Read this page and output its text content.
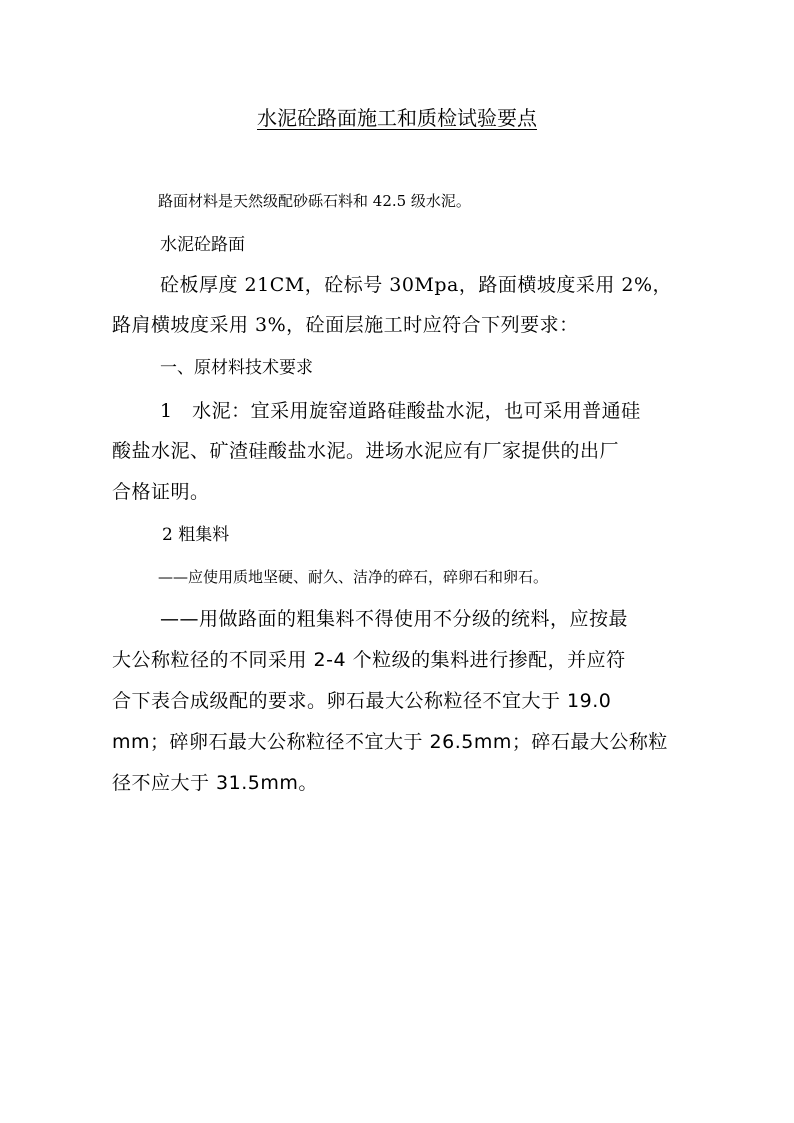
水泥砼路面施工和质检试验要点

路面材料是天然级配砂砾石料和 42.5 级水泥。

水泥砼路面

砼板厚度 21CM，砼标号 30Mpa，路面横坡度采用 2%，

路肩横坡度采用 3%，砼面层施工时应符合下列要求：

一、原材料技术要求

1　水泥：宜采用旋窑道路硅酸盐水泥，也可采用普通硅

酸盐水泥、矿渣硅酸盐水泥。进场水泥应有厂家提供的出厂

合格证明。

2 粗集料

——应使用质地坚硬、耐久、洁净的碎石，碎卵石和卵石。

——用做路面的粗集料不得使用不分级的统料，应按最

大公称粒径的不同采用 2-4 个粒级的集料进行掺配，并应符

合下表合成级配的要求。卵石最大公称粒径不宜大于 19.0

mm；碎卵石最大公称粒径不宜大于 26.5mm；碎石最大公称粒

径不应大于 31.5mm。
